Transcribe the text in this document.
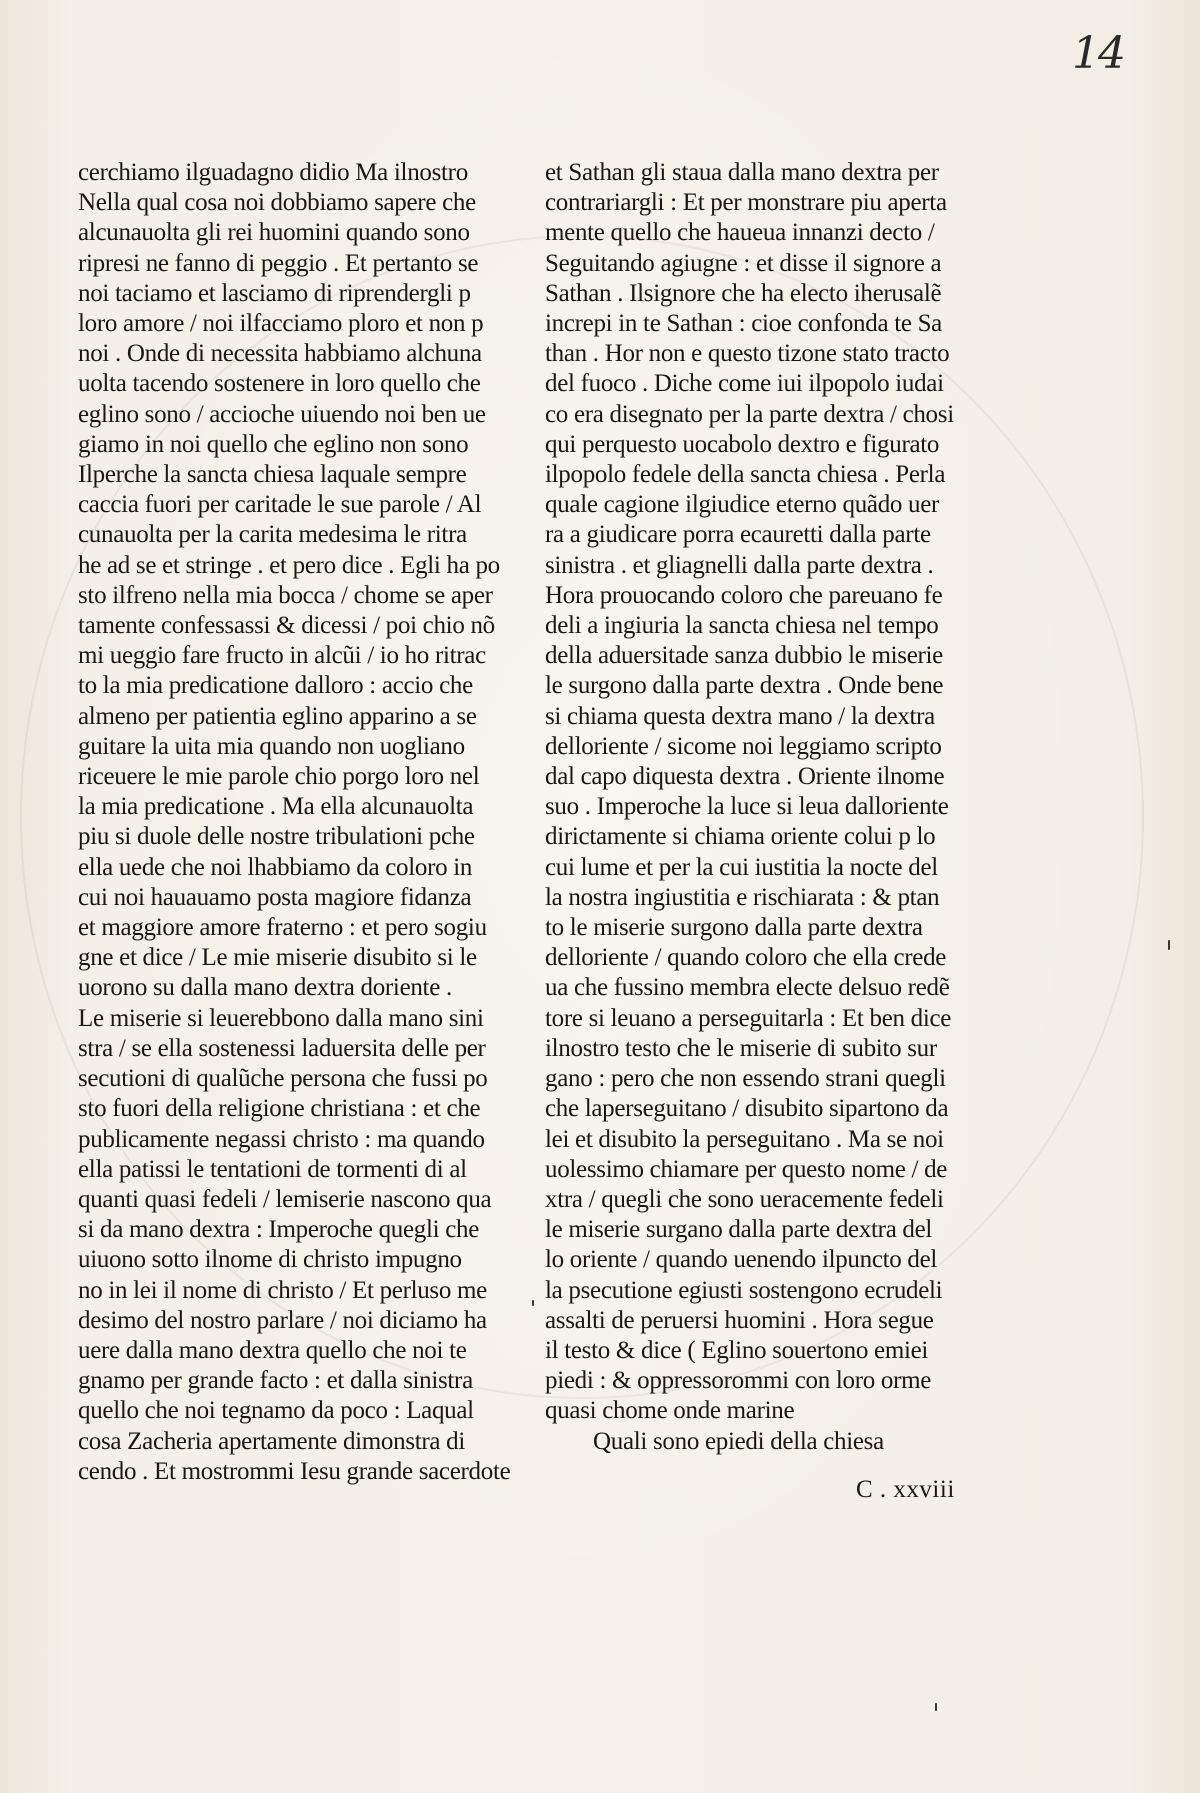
14
cerchiamo ilguadagno didio Ma ilnostro
Nella qual cosa noi dobbiamo sapere che
alcunauolta gli rei huomini quando sono
ripresi ne fanno di peggio . Et pertanto se
noi taciamo et lasciamo di riprendergli p
loro amore / noi ilfacciamo ploro et non p
noi . Onde di necessita habbiamo alchuna
uolta tacendo sostenere in loro quello che
eglino sono / acciochе uiuendo noi ben ue
giamo in noi quello che eglino non sono
Ilperche la sancta chiesa laquale sempre
caccia fuori per caritade le sue parole / Al
cunauolta per la carita medesima le ritra
he ad se et stringe . et pero dice . Egli ha po
sto ilfreno nella mia bocca / chome se aper
tamente confessassi & dicessi / poi chio nõ
mi ueggio fare fructo in alcũi / io ho ritrac
to la mia predicatione dalloro : accio che
almeno per patientia eglino apparino a se
guitare la uita mia quando non uogliano
riceuere le mie parole chio porgo loro nel
la mia predicatione . Ma ella alcunauolta
piu si duole delle nostre tribulationi pche
ella uede che noi lhabbiamo da coloro in
cui noi hauauamo posta magiore fidanza
et maggiore amore fraterno : et pero sogiu
gne et dice / Le mie miserie disubito si le
uorono su dalla mano dextra doriente .
Le miserie si leuerebbono dalla mano sini
stra / se ella sostenessi laduersita delle per
secutioni di qualũche persona che fussi po
sto fuori della religione christiana : et che
publicamente negassi christo : ma quando
ella patissi le tentationi de tormenti di al
quanti quasi fedeli / lemiserie nascono qua
si da mano dextra : Imperoche quegli che
uiuono sotto ilnome di christo impugno
no in lei il nome di christo / Et perluso me
desimo del nostro parlare / noi diciamo ha
uere dalla mano dextra quello che noi te
gnamo per grande facto : et dalla sinistra
quello che noi tegnamo da poco : Laqual
cosa Zacheria apertamente dimonstra di
cendo . Et mostrommi Iesu grande sacerdote
et Sathan gli staua dalla mano dextra per
contrariargli : Et per monstrare piu aperta
mente quello che haueua innanzi decto /
Seguitando agiugne : et disse il signore a
Sathan . Ilsignore che ha electo iherusalẽ
increpi in te Sathan : cioe confonda te Sa
than . Hor non e questo tizone stato tracto
del fuoco . Diche come iui ilpopolo iudai
co era disegnato per la parte dextra / chosi
qui perquesto uocabolo dextro e figurato
ilpopolo fedele della sancta chiesa . Perla
quale cagione ilgiudice eterno quãdo uer
ra a giudicare porra ecauretti dalla parte
sinistra . et gliagnelli dalla parte dextra .
Hora prouocando coloro che pareuano fe
deli a ingiuria la sancta chiesa nel tempo
della aduersitade sanza dubbio le miserie
le surgono dalla parte dextra . Onde bene
si chiama questa dextra mano / la dextra
delloriente / sicome noi leggiamo scripto
dal capo diquesta dextra . Oriente ilnome
suo . Imperoche la luce si leua dalloriente
dirictamente si chiama oriente colui p lo
cui lume et per la cui iustitia la nocte del
la nostra ingiustitia e rischiarata : & ptan
to le miserie surgono dalla parte dextra
delloriente / quando coloro che ella crede
ua che fussino membra electe delsuo redẽ
tore si leuano a perseguitarla : Et ben dice
ilnostro testo che le miserie di subito sur
gano : pero che non essendo strani quegli
che laperseguitano / disubito sipartono da
lei et disubito la perseguitano . Ma se noi
uolessimo chiamare per questo nome / de
xtra / quegli che sono ueracemente fedeli
le miserie surgano dalla parte dextra del
lo oriente / quando uenendo ilpuncto del
la psecutione egiusti sostengono ecrudeli
assalti de peruersi huomini . Hora segue
il testo & dice ( Eglino souertono emiei
piedi : & oppressorommi con loro orme
quasi chome onde marine
Quali sono epiedi della chiesa
C . xxviii
